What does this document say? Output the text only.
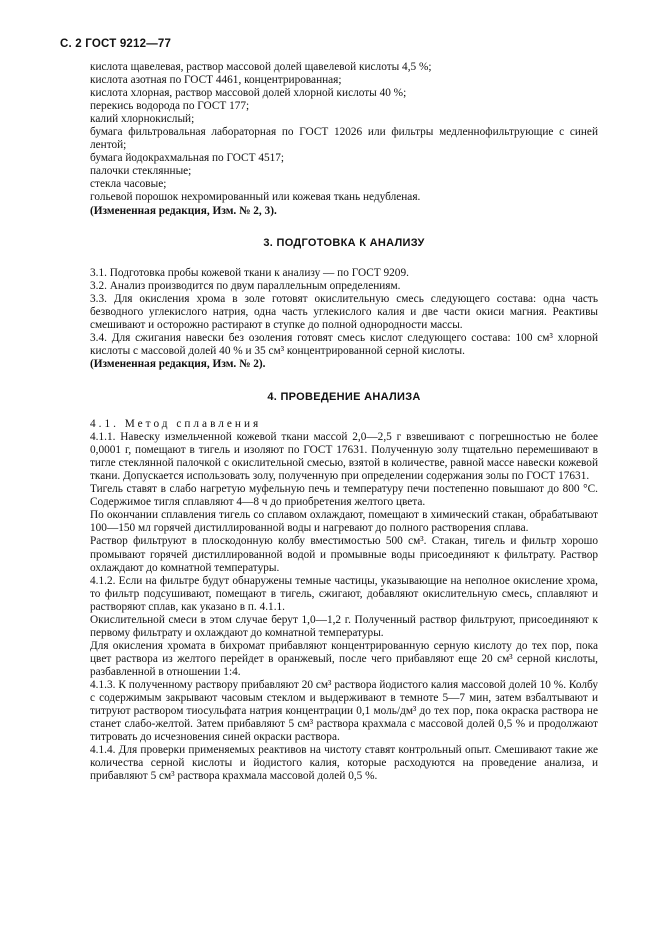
С. 2 ГОСТ 9212—77

кислота щавелевая, раствор массовой долей щавелевой кислоты 4,5 %;

кислота азотная по ГОСТ 4461, концентрированная;

кислота хлорная, раствор массовой долей хлорной кислоты 40 %;

перекись водорода по ГОСТ 177;

калий хлорнокислый;

бумага фильтровальная лабораторная по ГОСТ 12026 или фильтры медленнофильтрующие с синей лентой;

бумага йодокрахмальная по ГОСТ 4517;

палочки стеклянные;

стекла часовые;

гольевой порошок нехромированный или кожевая ткань недубленая.

(Измененная редакция, Изм. № 2, 3).

3. ПОДГОТОВКА К АНАЛИЗУ

3.1. Подготовка пробы кожевой ткани к анализу — по ГОСТ 9209.

3.2. Анализ производится по двум параллельным определениям.

3.3. Для окисления хрома в золе готовят окислительную смесь следующего состава: одна часть безводного углекислого натрия, одна часть углекислого калия и две части окиси магния. Реактивы смешивают и осторожно растирают в ступке до полной однородности массы.

3.4. Для сжигания навески без озоления готовят смесь кислот следующего состава: 100 см³ хлорной кислоты с массовой долей 40 % и 35 см³ концентрированной серной кислоты.

(Измененная редакция, Изм. № 2).

4. ПРОВЕДЕНИЕ АНАЛИЗА

4.1. Метод сплавления

4.1.1. Навеску измельченной кожевой ткани массой 2,0—2,5 г взвешивают с погрешностью не более 0,0001 г, помещают в тигель и изоляют по ГОСТ 17631. Полученную золу тщательно перемешивают в тигле стеклянной палочкой с окислительной смесью, взятой в количестве, равной массе навески кожевой ткани. Допускается использовать золу, полученную при определении содержания золы по ГОСТ 17631.

Тигель ставят в слабо нагретую муфельную печь и температуру печи постепенно повышают до 800 °С. Содержимое тигля сплавляют 4—8 ч до приобретения желтого цвета.

По окончании сплавления тигель со сплавом охлаждают, помещают в химический стакан, обрабатывают 100—150 мл горячей дистиллированной воды и нагревают до полного растворения сплава.

Раствор фильтруют в плоскодонную колбу вместимостью 500 см³. Стакан, тигель и фильтр хорошо промывают горячей дистиллированной водой и промывные воды присоединяют к фильтрату. Раствор охлаждают до комнатной температуры.

4.1.2. Если на фильтре будут обнаружены темные частицы, указывающие на неполное окисление хрома, то фильтр подсушивают, помещают в тигель, сжигают, добавляют окислительную смесь, сплавляют и растворяют сплав, как указано в п. 4.1.1.

Окислительной смеси в этом случае берут 1,0—1,2 г. Полученный раствор фильтруют, присоединяют к первому фильтрату и охлаждают до комнатной температуры.

Для окисления хромата в бихромат прибавляют концентрированную серную кислоту до тех пор, пока цвет раствора из желтого перейдет в оранжевый, после чего прибавляют еще 20 см³ серной кислоты, разбавленной в отношении 1:4.

4.1.3. К полученному раствору прибавляют 20 см³ раствора йодистого калия массовой долей 10 %. Колбу с содержимым закрывают часовым стеклом и выдерживают в темноте 5—7 мин, затем взбалтывают и титруют раствором тиосульфата натрия концентрации 0,1 моль/дм³ до тех пор, пока окраска раствора не станет слабо-желтой. Затем прибавляют 5 см³ раствора крахмала с массовой долей 0,5 % и продолжают титровать до исчезновения синей окраски раствора.

4.1.4. Для проверки применяемых реактивов на чистоту ставят контрольный опыт. Смешивают такие же количества серной кислоты и йодистого калия, которые расходуются на проведение анализа, и прибавляют 5 см³ раствора крахмала массовой долей 0,5 %.
